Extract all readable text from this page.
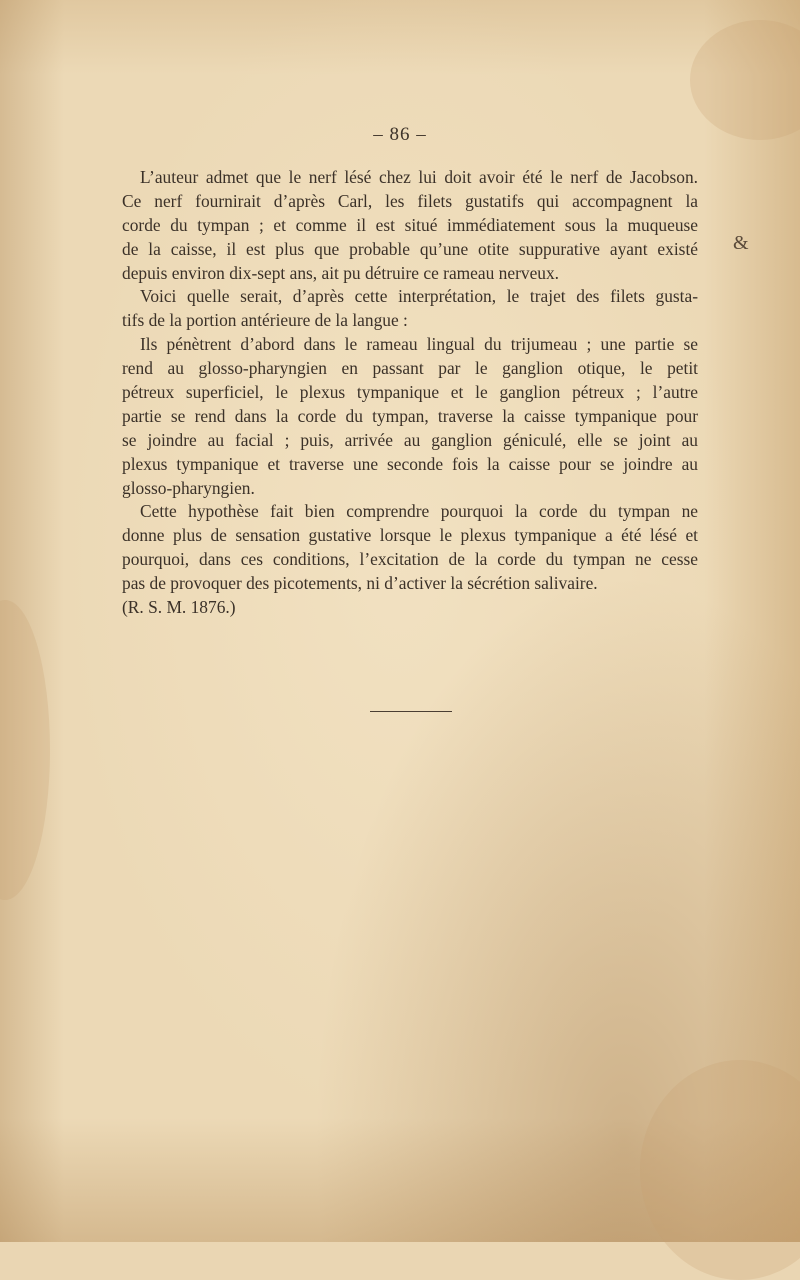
– 86 –
&
L’auteur admet que le nerf lésé chez lui doit avoir été le nerf de Jacobson.
Ce nerf fournirait d’après Carl, les filets gustatifs qui accompagnent la
corde du tympan ; et comme il est situé immédiatement sous la muqueuse
de la caisse, il est plus que probable qu’une otite suppurative ayant existé
depuis environ dix-sept ans, ait pu détruire ce rameau nerveux.
Voici quelle serait, d’après cette interprétation, le trajet des filets gusta-
tifs de la portion antérieure de la langue :
Ils pénètrent d’abord dans le rameau lingual du trijumeau ; une partie se
rend au glosso-pharyngien en passant par le ganglion otique, le petit
pétreux superficiel, le plexus tympanique et le ganglion pétreux ; l’autre
partie se rend dans la corde du tympan, traverse la caisse tympanique pour
se joindre au facial ; puis, arrivée au ganglion géniculé, elle se joint au
plexus tympanique et traverse une seconde fois la caisse pour se joindre au
glosso-pharyngien.
Cette hypothèse fait bien comprendre pourquoi la corde du tympan ne
donne plus de sensation gustative lorsque le plexus tympanique a été lésé et
pourquoi, dans ces conditions, l’excitation de la corde du tympan ne cesse
pas de provoquer des picotements, ni d’activer la sécrétion salivaire.
(R. S. M. 1876.)
